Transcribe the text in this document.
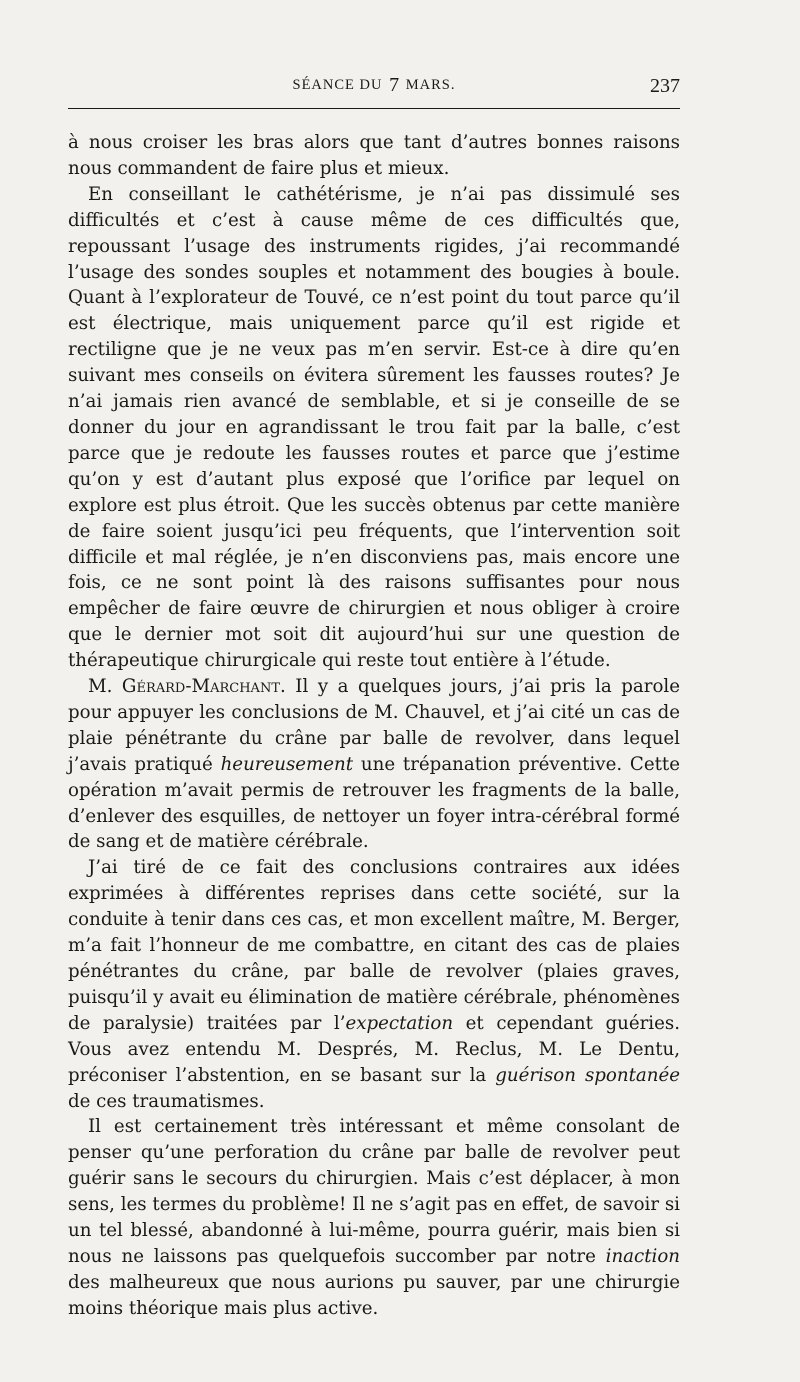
SÉANCE DU 7 MARS.	237

à nous croiser les bras alors que tant d’autres bonnes raisons nous commandent de faire plus et mieux.

En conseillant le cathétérisme, je n’ai pas dissimulé ses difficultés et c’est à cause même de ces difficultés que, repoussant l’usage des instruments rigides, j’ai recommandé l’usage des sondes souples et notamment des bougies à boule. Quant à l’explorateur de Touvé, ce n’est point du tout parce qu’il est électrique, mais uniquement parce qu’il est rigide et rectiligne que je ne veux pas m’en servir. Est-ce à dire qu’en suivant mes conseils on évitera sûrement les fausses routes? Je n’ai jamais rien avancé de semblable, et si je conseille de se donner du jour en agrandissant le trou fait par la balle, c’est parce que je redoute les fausses routes et parce que j’estime qu’on y est d’autant plus exposé que l’orifice par lequel on explore est plus étroit. Que les succès obtenus par cette manière de faire soient jusqu’ici peu fréquents, que l’intervention soit difficile et mal réglée, je n’en disconviens pas, mais encore une fois, ce ne sont point là des raisons suffisantes pour nous empêcher de faire œuvre de chirurgien et nous obliger à croire que le dernier mot soit dit aujourd’hui sur une question de thérapeutique chirurgicale qui reste tout entière à l’étude.

M. Gérard-Marchant. Il y a quelques jours, j’ai pris la parole pour appuyer les conclusions de M. Chauvel, et j’ai cité un cas de plaie pénétrante du crâne par balle de revolver, dans lequel j’avais pratiqué heureusement une trépanation préventive. Cette opération m’avait permis de retrouver les fragments de la balle, d’enlever des esquilles, de nettoyer un foyer intra-cérébral formé de sang et de matière cérébrale.

J’ai tiré de ce fait des conclusions contraires aux idées exprimées à différentes reprises dans cette société, sur la conduite à tenir dans ces cas, et mon excellent maître, M. Berger, m’a fait l’honneur de me combattre, en citant des cas de plaies pénétrantes du crâne, par balle de revolver (plaies graves, puisqu’il y avait eu élimination de matière cérébrale, phénomènes de paralysie) traitées par l’expectation et cependant guéries. Vous avez entendu M. Després, M. Reclus, M. Le Dentu, préconiser l’abstention, en se basant sur la guérison spontanée de ces traumatismes.

Il est certainement très intéressant et même consolant de penser qu’une perforation du crâne par balle de revolver peut guérir sans le secours du chirurgien. Mais c’est déplacer, à mon sens, les termes du problème! Il ne s’agit pas en effet, de savoir si un tel blessé, abandonné à lui-même, pourra guérir, mais bien si nous ne laissons pas quelquefois succomber par notre inaction des malheureux que nous aurions pu sauver, par une chirurgie moins théorique mais plus active.
